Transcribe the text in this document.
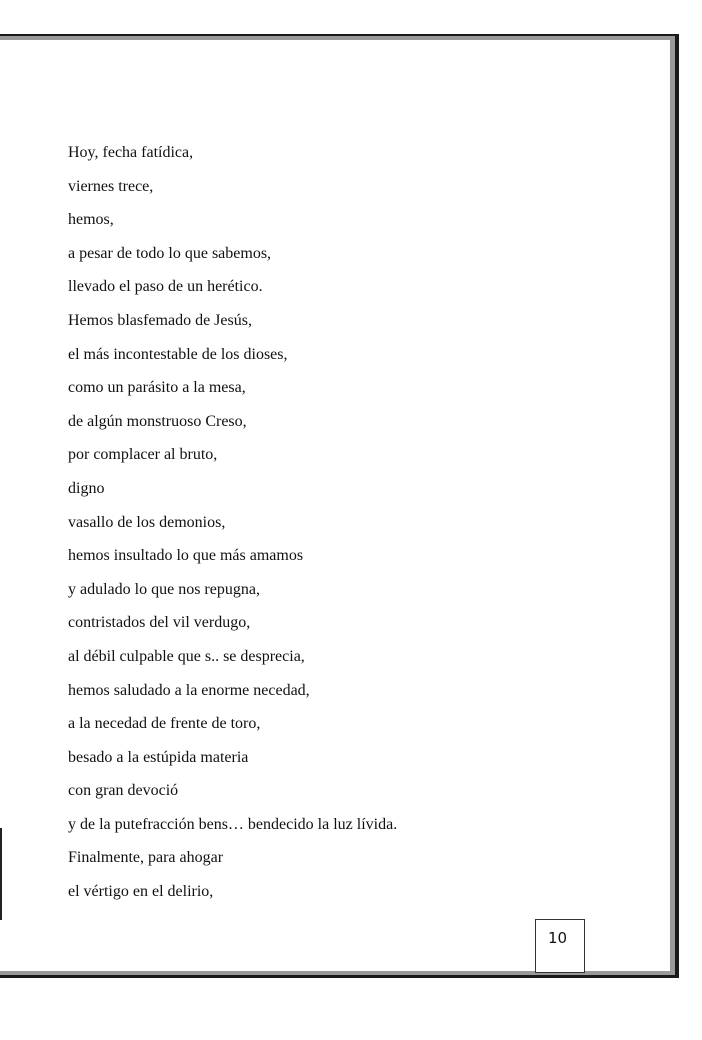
Hoy, fecha fatídica,
viernes trece,
hemos,
a pesar de todo lo que sabemos,
llevado el paso de un herético.
Hemos blasfemado de Jesús,
el más incontestable de los dioses,
como un parásito a la mesa,
de algún monstruoso Creso,
por complacer al bruto,
digno
vasallo de los demonios,
hemos insultado lo que más amamos
y adulado lo que nos repugna,
contristados del vil verdugo,
al débil culpable que s.. se desprecia,
hemos saludado a la enorme necedad,
a la necedad de frente de toro,
besado a la estúpida materia
con gran devoció
y de la putefracción bens… bendecido la luz lívida.
Finalmente, para ahogar
el vértigo en el delirio,
10
